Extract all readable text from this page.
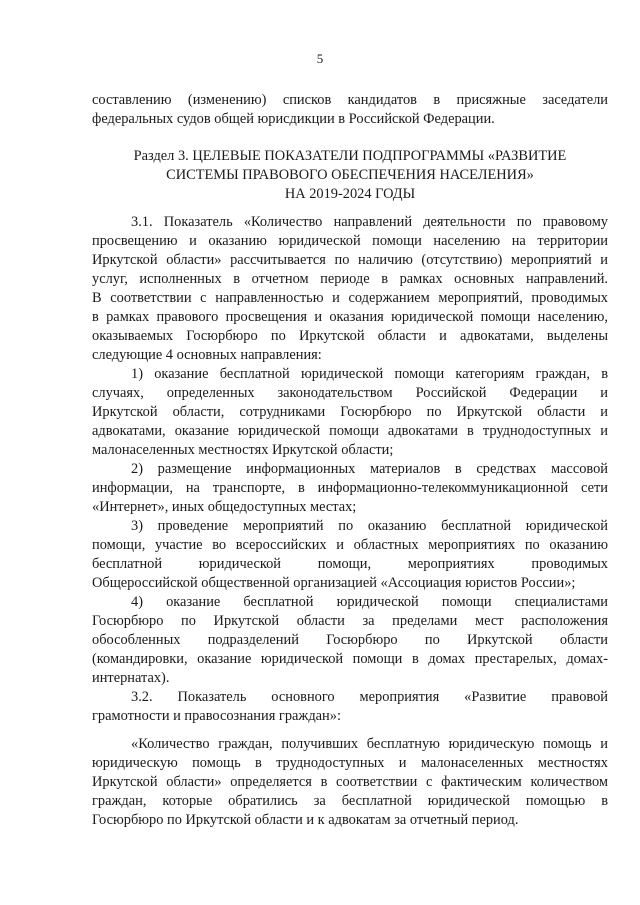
5
составлению (изменению) списков кандидатов в присяжные заседатели
федеральных судов общей юрисдикции в Российской Федерации.
Раздел 3. ЦЕЛЕВЫЕ ПОКАЗАТЕЛИ ПОДПРОГРАММЫ «РАЗВИТИЕ
СИСТЕМЫ ПРАВОВОГО ОБЕСПЕЧЕНИЯ НАСЕЛЕНИЯ»
НА 2019-2024 ГОДЫ
3.1. Показатель «Количество направлений деятельности по правовому
просвещению и оказанию юридической помощи населению на территории
Иркутской области» рассчитывается по наличию (отсутствию) мероприятий и
услуг, исполненных в отчетном периоде в рамках основных направлений.
В соответствии с направленностью и содержанием мероприятий, проводимых
в рамках правового просвещения и оказания юридической помощи населению,
оказываемых Госюрбюро по Иркутской области и адвокатами, выделены
следующие 4 основных направления:
1) оказание бесплатной юридической помощи категориям граждан, в
случаях, определенных законодательством Российской Федерации и
Иркутской области, сотрудниками Госюрбюро по Иркутской области и
адвокатами, оказание юридической помощи адвокатами в труднодоступных и
малонаселенных местностях Иркутской области;
2) размещение информационных материалов в средствах массовой
информации, на транспорте, в информационно-телекоммуникационной сети
«Интернет», иных общедоступных местах;
3) проведение мероприятий по оказанию бесплатной юридической
помощи, участие во всероссийских и областных мероприятиях по оказанию
бесплатной юридической помощи, мероприятиях проводимых
Общероссийской общественной организацией «Ассоциация юристов России»;
4) оказание бесплатной юридической помощи специалистами
Госюрбюро по Иркутской области за пределами мест расположения
обособленных подразделений Госюрбюро по Иркутской области
(командировки, оказание юридической помощи в домах престарелых, домах-
интернатах).
3.2. Показатель основного мероприятия «Развитие правовой
грамотности и правосознания граждан»:
«Количество граждан, получивших бесплатную юридическую помощь и
юридическую помощь в труднодоступных и малонаселенных местностях
Иркутской области» определяется в соответствии с фактическим количеством
граждан, которые обратились за бесплатной юридической помощью в
Госюрбюро по Иркутской области и к адвокатам за отчетный период.
